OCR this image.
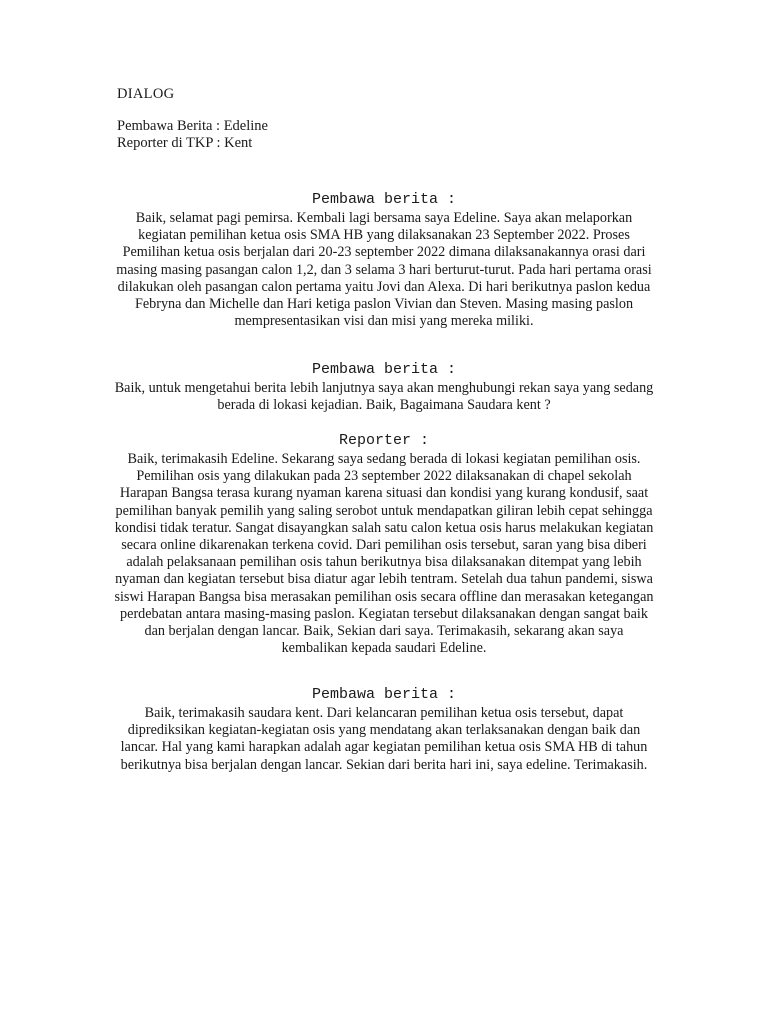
DIALOG

Pembawa Berita : Edeline

Reporter di TKP : Kent

Pembawa berita :

Baik, selamat pagi pemirsa. Kembali lagi bersama saya Edeline. Saya akan melaporkan kegiatan pemilihan ketua osis SMA HB yang dilaksanakan 23 September 2022. Proses Pemilihan ketua osis berjalan dari 20-23 september 2022 dimana dilaksanakannya orasi dari masing masing pasangan calon 1,2, dan 3 selama 3 hari berturut-turut. Pada hari pertama orasi dilakukan oleh pasangan calon pertama yaitu Jovi dan Alexa. Di hari berikutnya paslon kedua Febryna dan Michelle dan Hari ketiga paslon Vivian dan Steven. Masing masing paslon mempresentasikan visi dan misi yang mereka miliki.

Pembawa berita :

Baik, untuk mengetahui berita lebih lanjutnya saya akan menghubungi rekan saya yang sedang berada di lokasi kejadian. Baik, Bagaimana Saudara kent ?

Reporter :

Baik, terimakasih Edeline. Sekarang saya sedang berada di lokasi kegiatan pemilihan osis. Pemilihan osis yang dilakukan pada 23 september 2022 dilaksanakan di chapel sekolah Harapan Bangsa terasa kurang nyaman karena situasi dan kondisi yang kurang kondusif, saat pemilihan banyak pemilih yang saling serobot untuk mendapatkan giliran lebih cepat sehingga kondisi tidak teratur. Sangat disayangkan salah satu calon ketua osis harus melakukan kegiatan secara online dikarenakan terkena covid. Dari pemilihan osis tersebut, saran yang bisa diberi adalah pelaksanaan pemilihan osis tahun berikutnya bisa dilaksanakan ditempat yang lebih nyaman dan kegiatan tersebut bisa diatur agar lebih tentram. Setelah dua tahun pandemi, siswa siswi Harapan Bangsa bisa merasakan pemilihan osis secara offline dan merasakan ketegangan perdebatan antara masing-masing paslon. Kegiatan tersebut dilaksanakan dengan sangat baik dan berjalan dengan lancar. Baik, Sekian dari saya. Terimakasih, sekarang akan saya kembalikan kepada saudari Edeline.

Pembawa berita :

Baik, terimakasih saudara kent. Dari kelancaran pemilihan ketua osis tersebut, dapat diprediksikan kegiatan-kegiatan osis yang mendatang akan terlaksanakan dengan baik dan lancar. Hal yang kami harapkan adalah agar kegiatan pemilihan ketua osis SMA HB di tahun berikutnya bisa berjalan dengan lancar. Sekian dari berita hari ini, saya edeline. Terimakasih.
